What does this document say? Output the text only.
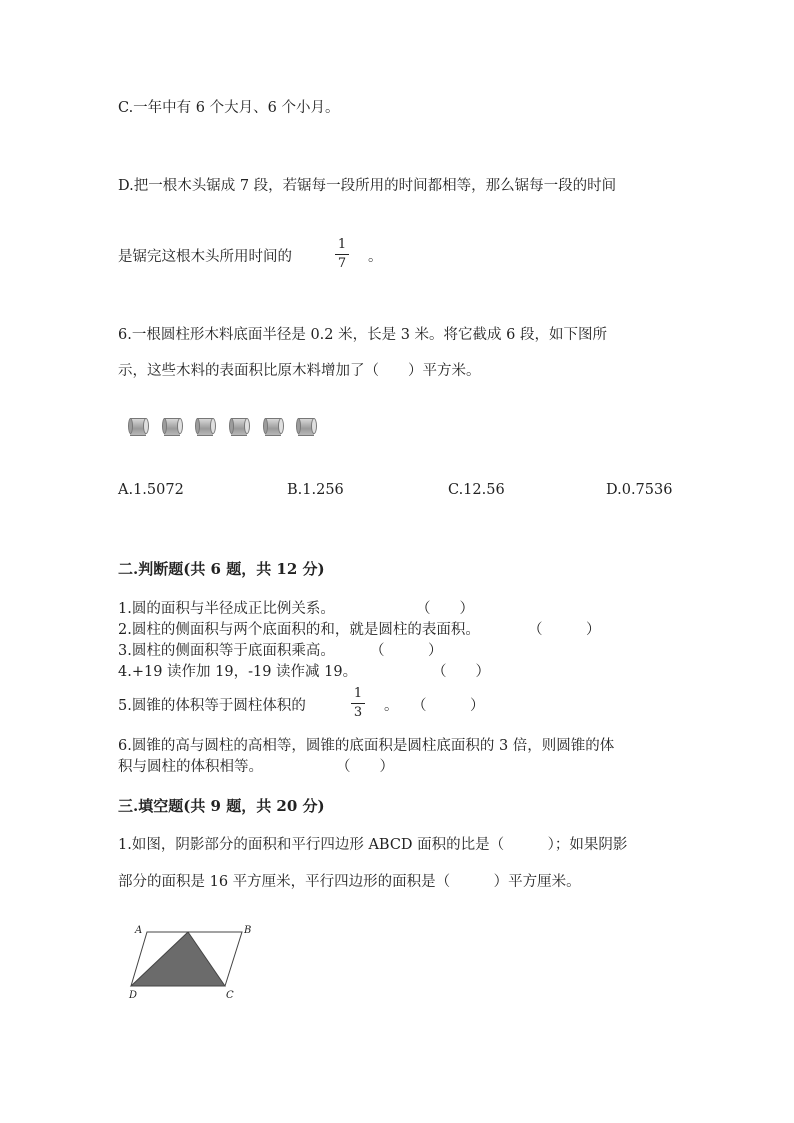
C.一年中有 6 个大月、6 个小月。
D.把一根木头锯成 7 段，若锯每一段所用的时间都相等，那么锯每一段的时间
是锯完这根木头所用时间的
1
7 。
6.一根圆柱形木料底面半径是 0.2 米，长是 3 米。将它截成 6 段，如下图所
示，这些木料的表面积比原木料增加了（　　）平方米。
A.1.5072	B.1.256	C.12.56	D.0.7536
二.判断题(共 6 题，共 12 分)
1.圆的面积与半径成正比例关系。	（　　）
2.圆柱的侧面积与两个底面积的和，就是圆柱的表面积。	（　　　）
3.圆柱的侧面积等于底面积乘高。 （　　　）
4.+19 读作加 19，-19 读作减 19。	（　　）
5.圆锥的体积等于圆柱体积的
1
3 。 （　　　）
6.圆锥的高与圆柱的高相等，圆锥的底面积是圆柱底面积的 3 倍，则圆锥的体
积与圆柱的体积相等。	（　　）
三.填空题(共 9 题，共 20 分)
1.如图，阴影部分的面积和平行四边形 ABCD 面积的比是（　　　）；如果阴影
部分的面积是 16 平方厘米，平行四边形的面积是（　　　）平方厘米。
A	B
D	C
